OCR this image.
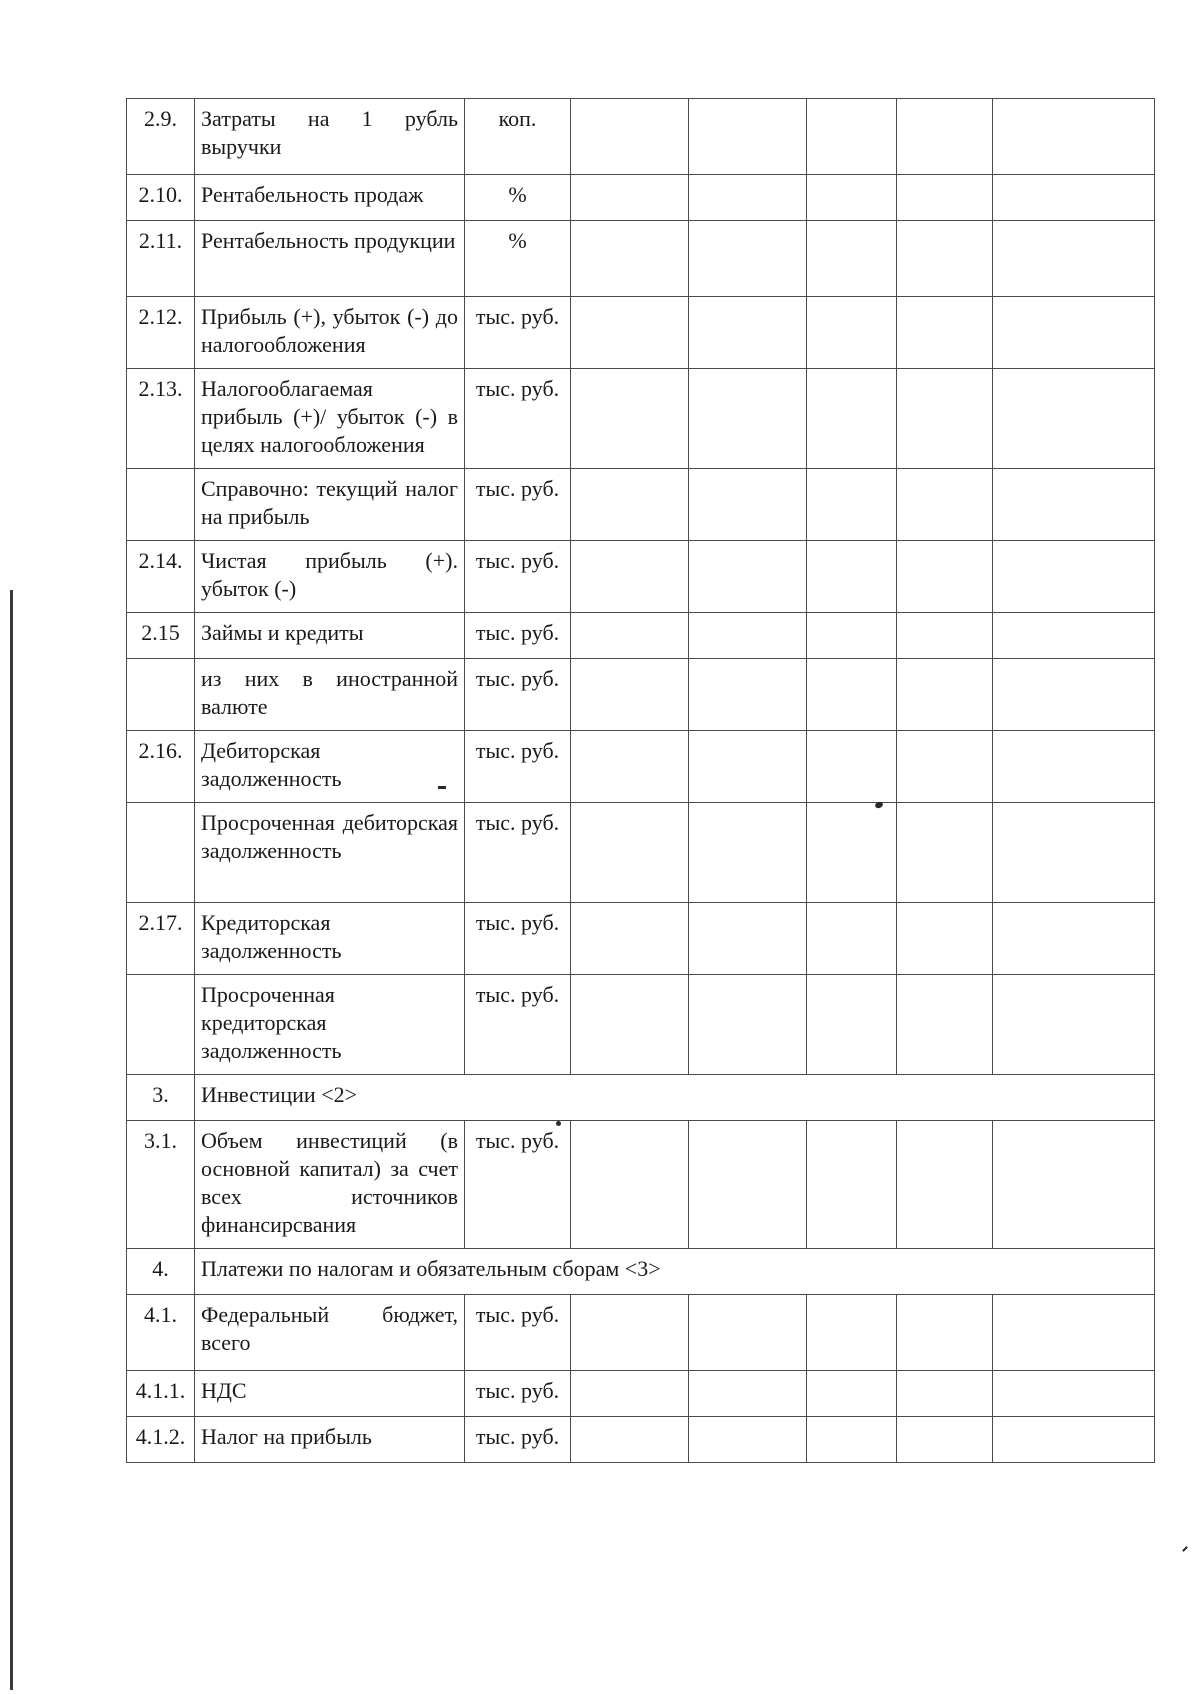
2.9.	Затраты на 1 рубль выручки	коп.					
2.10.	Рентабельность продаж	%					
2.11.	Рентабельность продукции	%					
2.12.	Прибыль (+), убыток (-) до налогообложения	тыс. руб.					
2.13.	Налогооблагаемая прибыль (+)/ убыток (-) в целях налогообложения	тыс. руб.					
	Справочно: текущий налог на прибыль	тыс. руб.					
2.14.	Чистая прибыль (+). убыток (-)	тыс. руб.					
2.15	Займы и кредиты	тыс. руб.					
	из них в иностранной валюте	тыс. руб.					
2.16.	Дебиторская задолженность	тыс. руб.					
	Просроченная дебиторская задолженность	тыс. руб.					
2.17.	Кредиторская задолженность	тыс. руб.					
	Просроченная кредиторская задолженность	тыс. руб.					
3.	Инвестиции <2>						
3.1.	Объем инвестиций (в основной капитал) за счет всех источников финансирсвания	тыс. руб.					
4.	Платежи по налогам и обязательным сборам <3>						
4.1.	Федеральный бюджет, всего	тыс. руб.					
4.1.1.	НДС	тыс. руб.					
4.1.2.	Налог на прибыль	тыс. руб.					
